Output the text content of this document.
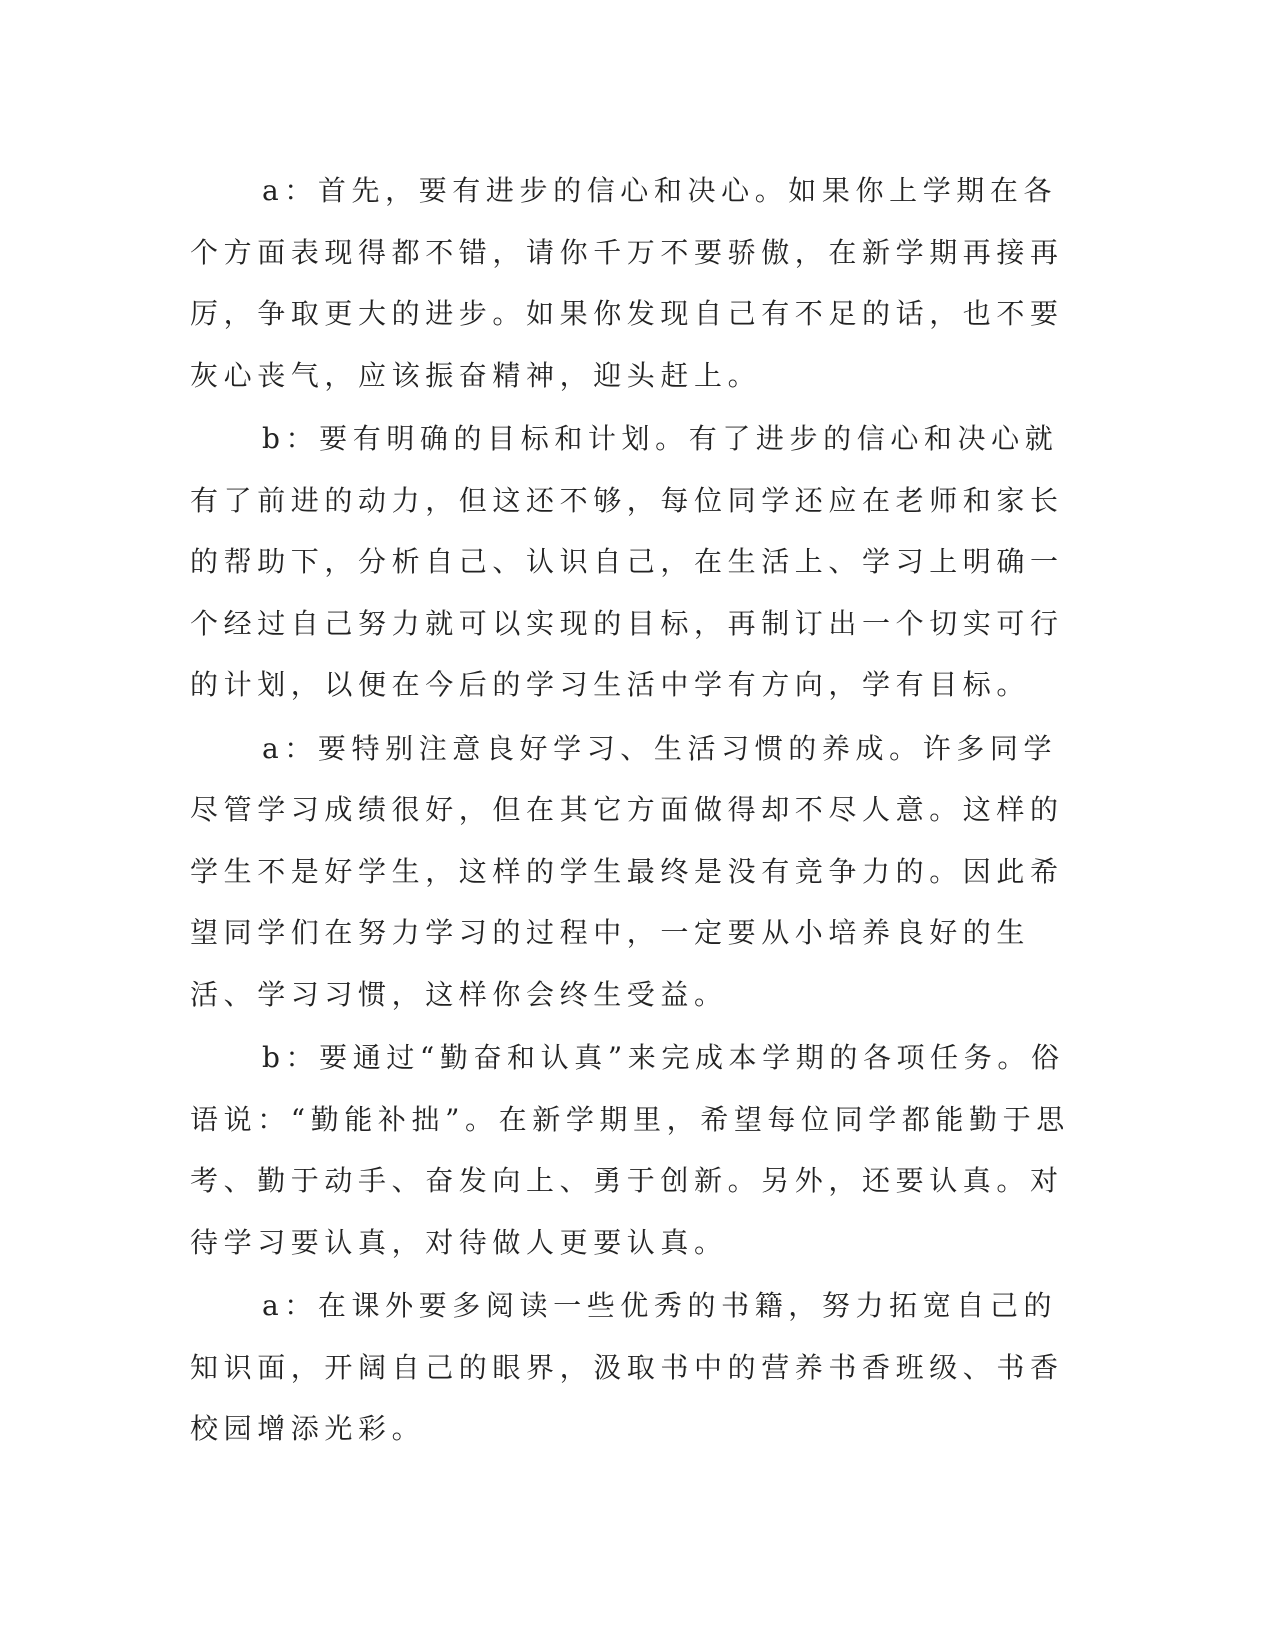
a：首先，要有进步的信心和决心。如果你上学期在各个方面表现得都不错，请你千万不要骄傲，在新学期再接再厉，争取更大的进步。如果你发现自己有不足的话，也不要灰心丧气，应该振奋精神，迎头赶上。

b：要有明确的目标和计划。有了进步的信心和决心就有了前进的动力，但这还不够，每位同学还应在老师和家长的帮助下，分析自己、认识自己，在生活上、学习上明确一个经过自己努力就可以实现的目标，再制订出一个切实可行的计划，以便在今后的学习生活中学有方向，学有目标。

a：要特别注意良好学习、生活习惯的养成。许多同学尽管学习成绩很好，但在其它方面做得却不尽人意。这样的学生不是好学生，这样的学生最终是没有竞争力的。因此希望同学们在努力学习的过程中，一定要从小培养良好的生活、学习习惯，这样你会终生受益。

b：要通过“勤奋和认真”来完成本学期的各项任务。俗语说：“勤能补拙”。在新学期里，希望每位同学都能勤于思考、勤于动手、奋发向上、勇于创新。另外，还要认真。对待学习要认真，对待做人更要认真。

a：在课外要多阅读一些优秀的书籍，努力拓宽自己的知识面，开阔自己的眼界，汲取书中的营养书香班级、书香校园增添光彩。
